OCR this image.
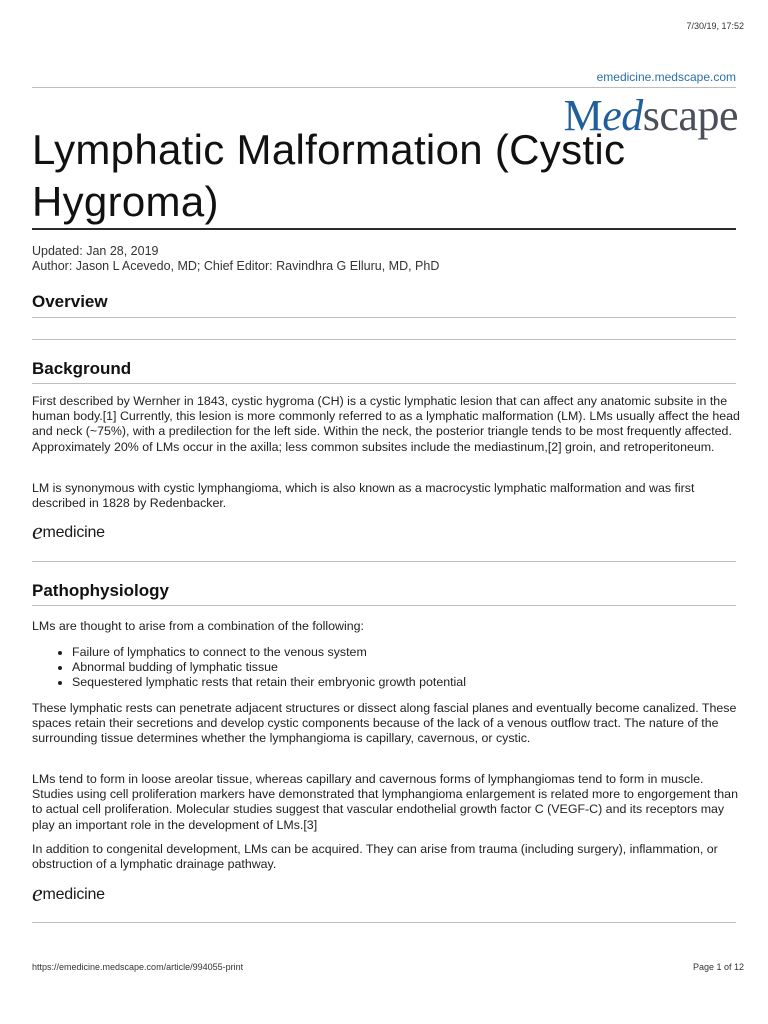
7/30/19, 17:52
emedicine.medscape.com
Medscape
Lymphatic Malformation (Cystic Hygroma)
Updated: Jan 28, 2019
Author: Jason L Acevedo, MD; Chief Editor: Ravindhra G Elluru, MD, PhD
Overview
Background

First described by Wernher in 1843, cystic hygroma (CH) is a cystic lymphatic lesion that can affect any anatomic subsite in the human body.[1] Currently, this lesion is more commonly referred to as a lymphatic malformation (LM). LMs usually affect the head and neck (~75%), with a predilection for the left side. Within the neck, the posterior triangle tends to be most frequently affected. Approximately 20% of LMs occur in the axilla; less common subsites include the mediastinum,[2] groin, and retroperitoneum.

LM is synonymous with cystic lymphangioma, which is also known as a macrocystic lymphatic malformation and was first described in 1828 by Redenbacker.

emedicine
Pathophysiology

LMs are thought to arise from a combination of the following:

• Failure of lymphatics to connect to the venous system
• Abnormal budding of lymphatic tissue
• Sequestered lymphatic rests that retain their embryonic growth potential

These lymphatic rests can penetrate adjacent structures or dissect along fascial planes and eventually become canalized. These spaces retain their secretions and develop cystic components because of the lack of a venous outflow tract. The nature of the surrounding tissue determines whether the lymphangioma is capillary, cavernous, or cystic.

LMs tend to form in loose areolar tissue, whereas capillary and cavernous forms of lymphangiomas tend to form in muscle. Studies using cell proliferation markers have demonstrated that lymphangioma enlargement is related more to engorgement than to actual cell proliferation. Molecular studies suggest that vascular endothelial growth factor C (VEGF-C) and its receptors may play an important role in the development of LMs.[3]

In addition to congenital development, LMs can be acquired. They can arise from trauma (including surgery), inflammation, or obstruction of a lymphatic drainage pathway.

emedicine
https://emedicine.medscape.com/article/994055-print	Page 1 of 12
